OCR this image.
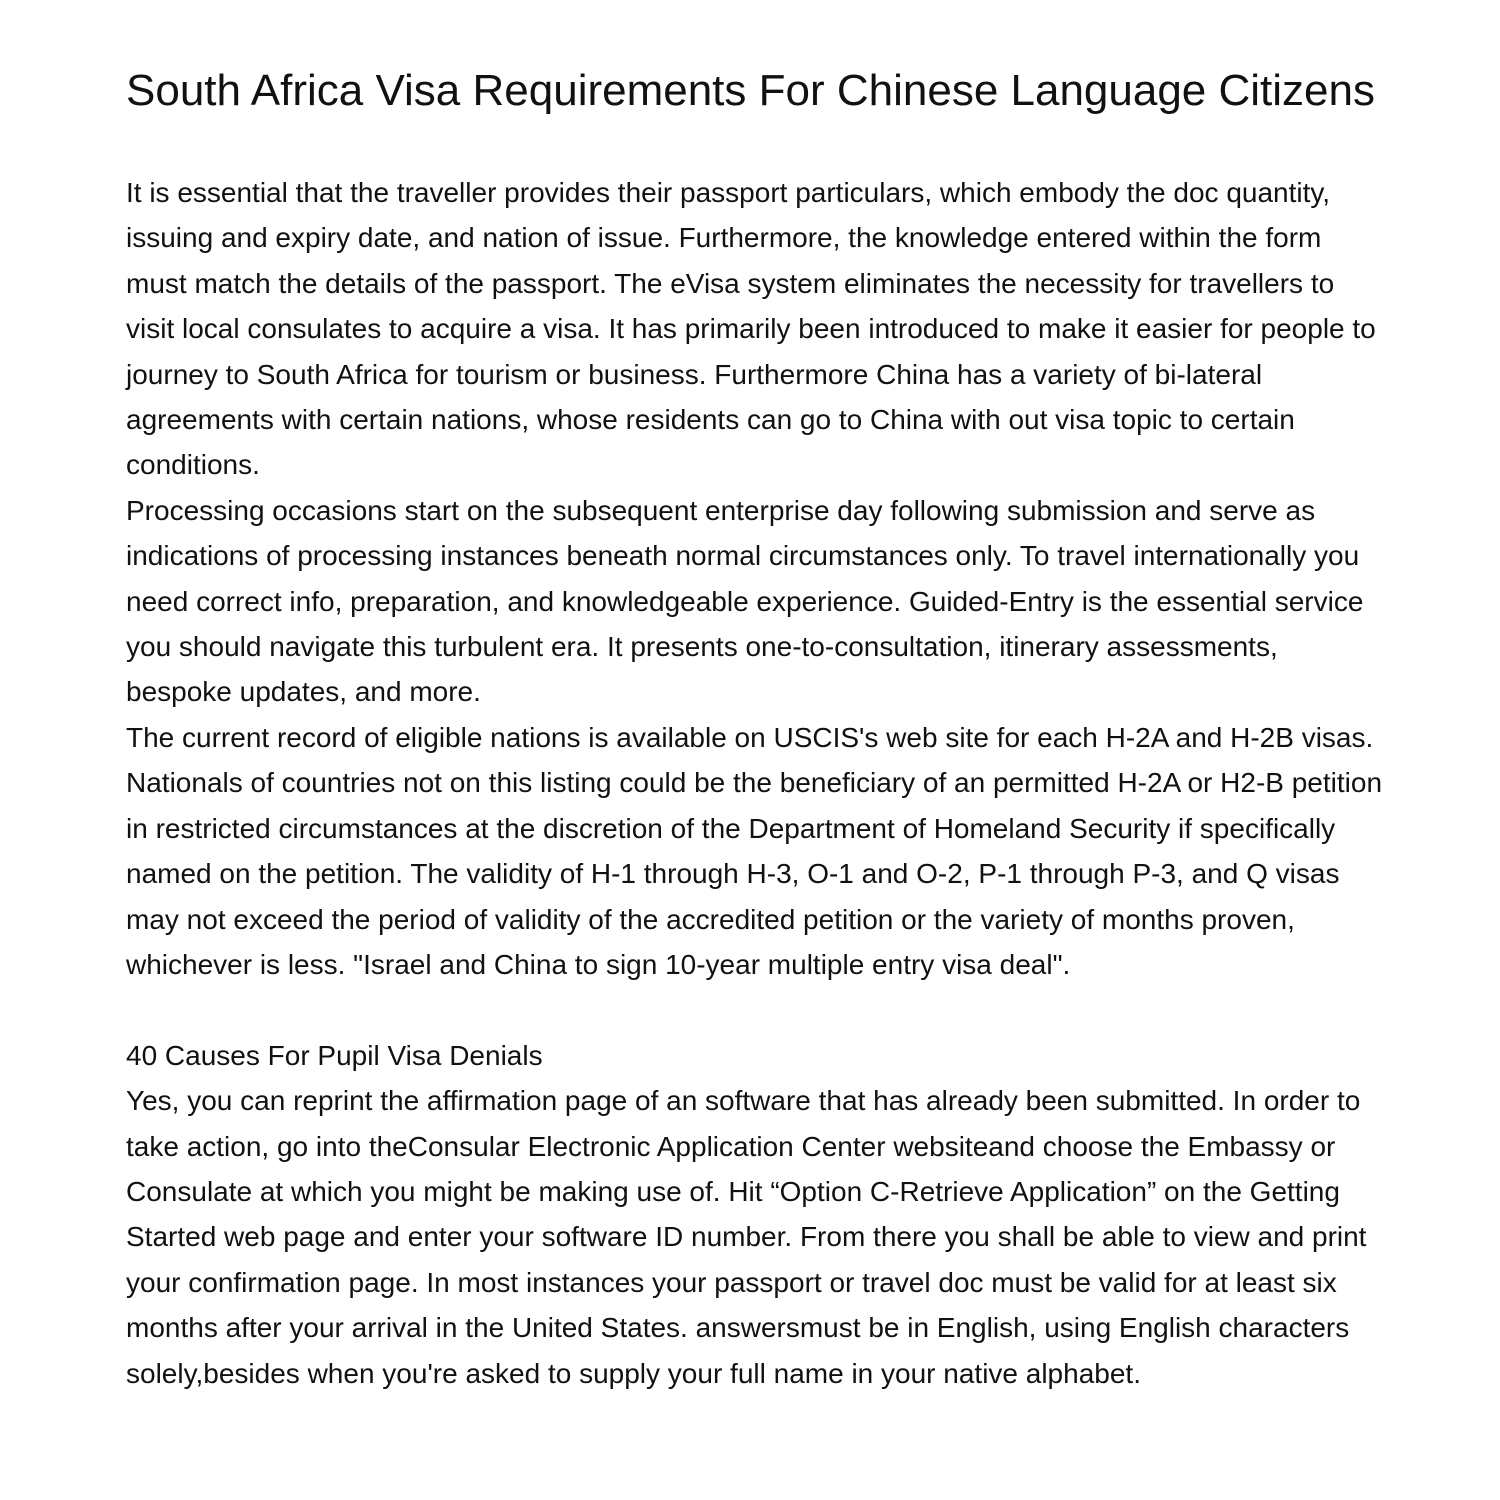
South Africa Visa Requirements For Chinese Language Citizens

It is essential that the traveller provides their passport particulars, which embody the doc quantity, issuing and expiry date, and nation of issue. Furthermore, the knowledge entered within the form must match the details of the passport. The eVisa system eliminates the necessity for travellers to visit local consulates to acquire a visa. It has primarily been introduced to make it easier for people to journey to South Africa for tourism or business. Furthermore China has a variety of bi-lateral agreements with certain nations, whose residents can go to China with out visa topic to certain conditions.

Processing occasions start on the subsequent enterprise day following submission and serve as indications of processing instances beneath normal circumstances only. To travel internationally you need correct info, preparation, and knowledgeable experience. Guided-Entry is the essential service you should navigate this turbulent era. It presents one-to-consultation, itinerary assessments, bespoke updates, and more.

The current record of eligible nations is available on USCIS's web site for each H-2A and H-2B visas. Nationals of countries not on this listing could be the beneficiary of an permitted H-2A or H2-B petition in restricted circumstances at the discretion of the Department of Homeland Security if specifically named on the petition. The validity of H-1 through H-3, O-1 and O-2, P-1 through P-3, and Q visas may not exceed the period of validity of the accredited petition or the variety of months proven, whichever is less. "Israel and China to sign 10-year multiple entry visa deal".

40 Causes For Pupil Visa Denials

Yes, you can reprint the affirmation page of an software that has already been submitted. In order to take action, go into theConsular Electronic Application Center websiteand choose the Embassy or Consulate at which you might be making use of. Hit “Option C-Retrieve Application” on the Getting Started web page and enter your software ID number. From there you shall be able to view and print your confirmation page. In most instances your passport or travel doc must be valid for at least six months after your arrival in the United States. answersmust be in English, using English characters solely,besides when you're asked to supply your full name in your native alphabet.
